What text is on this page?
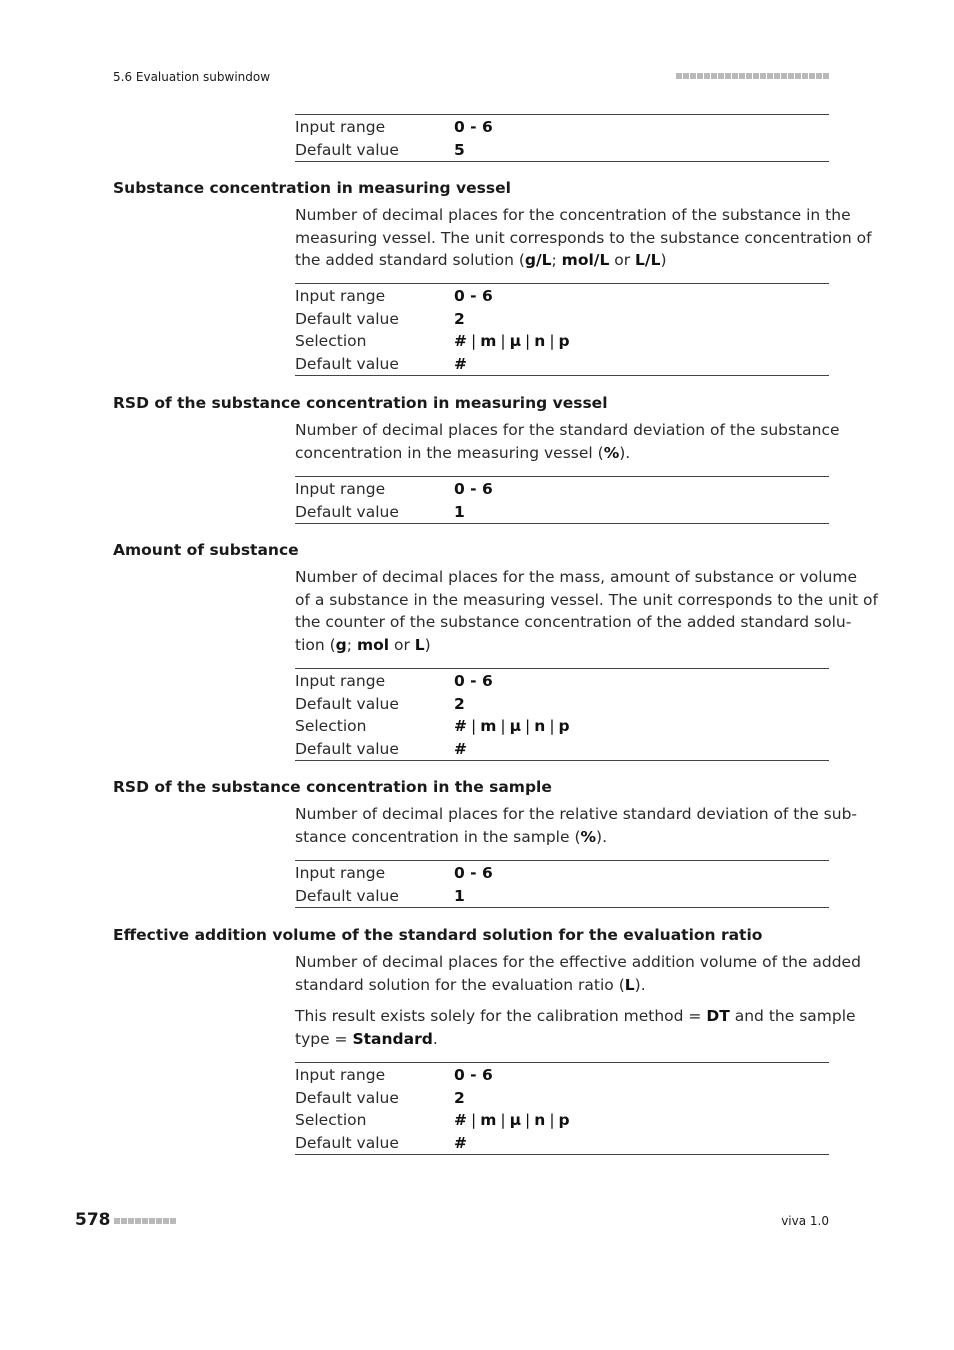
5.6 Evaluation subwindow
Input range	0 - 6
Default value	5
Substance concentration in measuring vessel

Number of decimal places for the concentration of the substance in the

measuring vessel. The unit corresponds to the substance concentration of

the added standard solution (g/L; mol/L or L/L)

Input range	0 - 6
Default value	2
Selection	# | m | µ | n | p
Default value	#
RSD of the substance concentration in measuring vessel

Number of decimal places for the standard deviation of the substance

concentration in the measuring vessel (%).

Input range	0 - 6
Default value	1
Amount of substance

Number of decimal places for the mass, amount of substance or volume

of a substance in the measuring vessel. The unit corresponds to the unit of

the counter of the substance concentration of the added standard solu-

tion (g; mol or L)

Input range	0 - 6
Default value	2
Selection	# | m | µ | n | p
Default value	#
RSD of the substance concentration in the sample

Number of decimal places for the relative standard deviation of the sub-

stance concentration in the sample (%).

Input range	0 - 6
Default value	1
Effective addition volume of the standard solution for the evaluation ratio

Number of decimal places for the effective addition volume of the added

standard solution for the evaluation ratio (L).

This result exists solely for the calibration method = DT and the sample

type = Standard.

Input range	0 - 6
Default value	2
Selection	# | m | µ | n | p
Default value	#
578	viva 1.0
